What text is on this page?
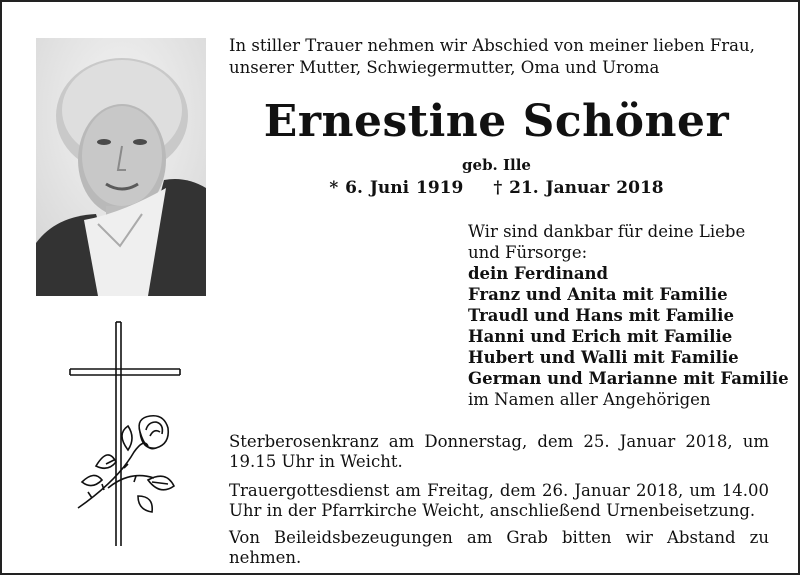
In stiller Trauer nehmen wir Abschied von meiner lieben Frau,
unserer Mutter, Schwiegermutter, Oma und Uroma
Ernestine Schöner
geb. Ille
* 6. Juni 1919 † 21. Januar 2018
Wir sind dankbar für deine Liebe
und Fürsorge:
dein Ferdinand
Franz und Anita mit Familie
Traudl und Hans mit Familie
Hanni und Erich mit Familie
Hubert und Walli mit Familie
German und Marianne mit Familie
im Namen aller Angehörigen
Sterberosenkranz am Donnerstag, dem 25. Januar 2018, um 19.15 Uhr in Weicht.
Trauergottesdienst am Freitag, dem 26. Januar 2018, um 14.00 Uhr in der Pfarrkirche Weicht, anschließend Urnenbeisetzung.
Von Beileidsbezeugungen am Grab bitten wir Abstand zu nehmen.
